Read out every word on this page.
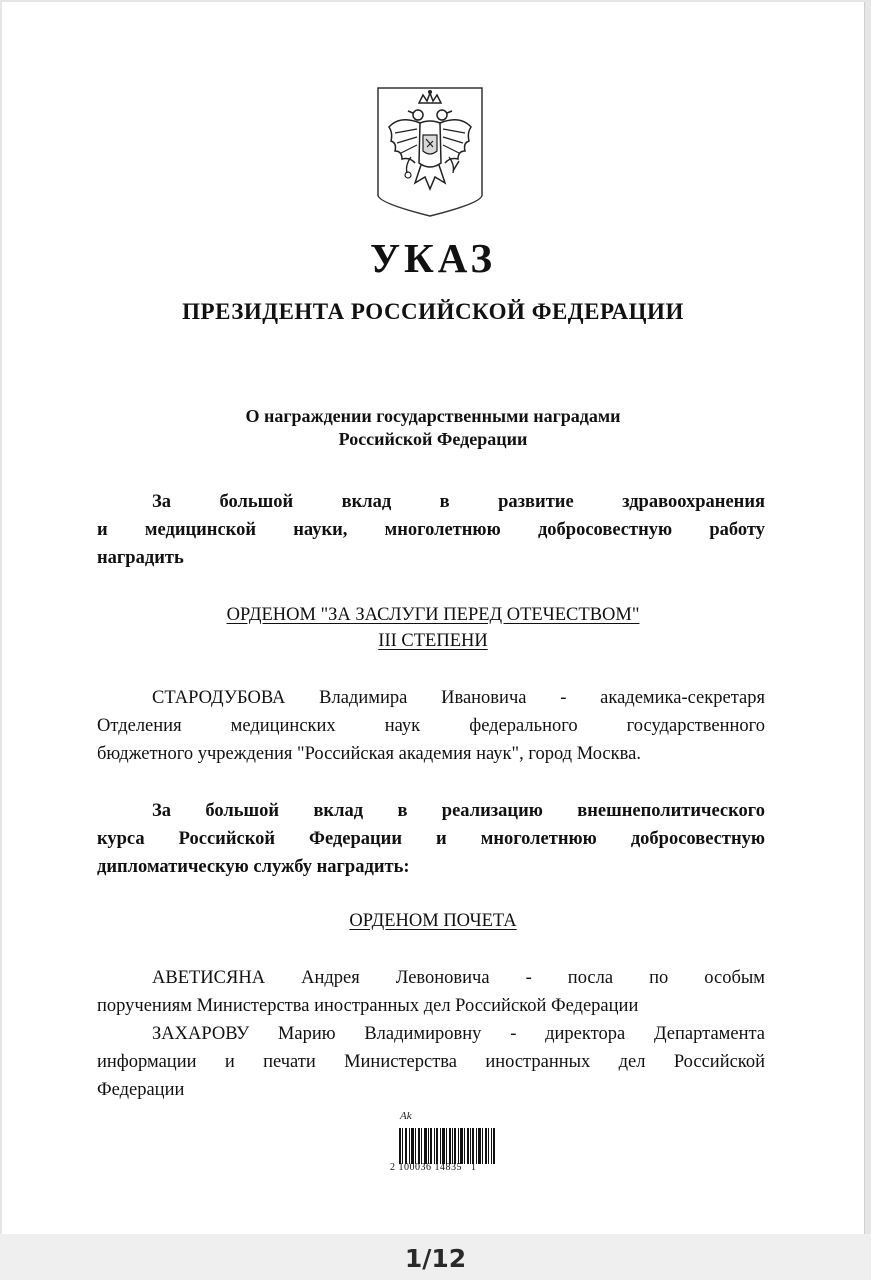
УКАЗ
ПРЕЗИДЕНТА РОССИЙСКОЙ ФЕДЕРАЦИИ
О награждении государственными наградами
Российской Федерации
За большой вклад в развитие здравоохранения
и медицинской науки, многолетнюю добросовестную работу
наградить
ОРДЕНОМ "ЗА ЗАСЛУГИ ПЕРЕД ОТЕЧЕСТВОМ"
III СТЕПЕНИ
СТАРОДУБОВА Владимира Ивановича - академика-секретаря
Отделения медицинских наук федерального государственного
бюджетного учреждения "Российская академия наук", город Москва.
За большой вклад в реализацию внешнеполитического
курса Российской Федерации и многолетнюю добросовестную
дипломатическую службу наградить:
ОРДЕНОМ ПОЧЕТА
АВЕТИСЯНА Андрея Левоновича - посла по особым
поручениям Министерства иностранных дел Российской Федерации
ЗАХАРОВУ Марию Владимировну - директора Департамента
информации и печати Министерства иностранных дел Российской
Федерации
Ak
2 100036 14835   1
1/12
